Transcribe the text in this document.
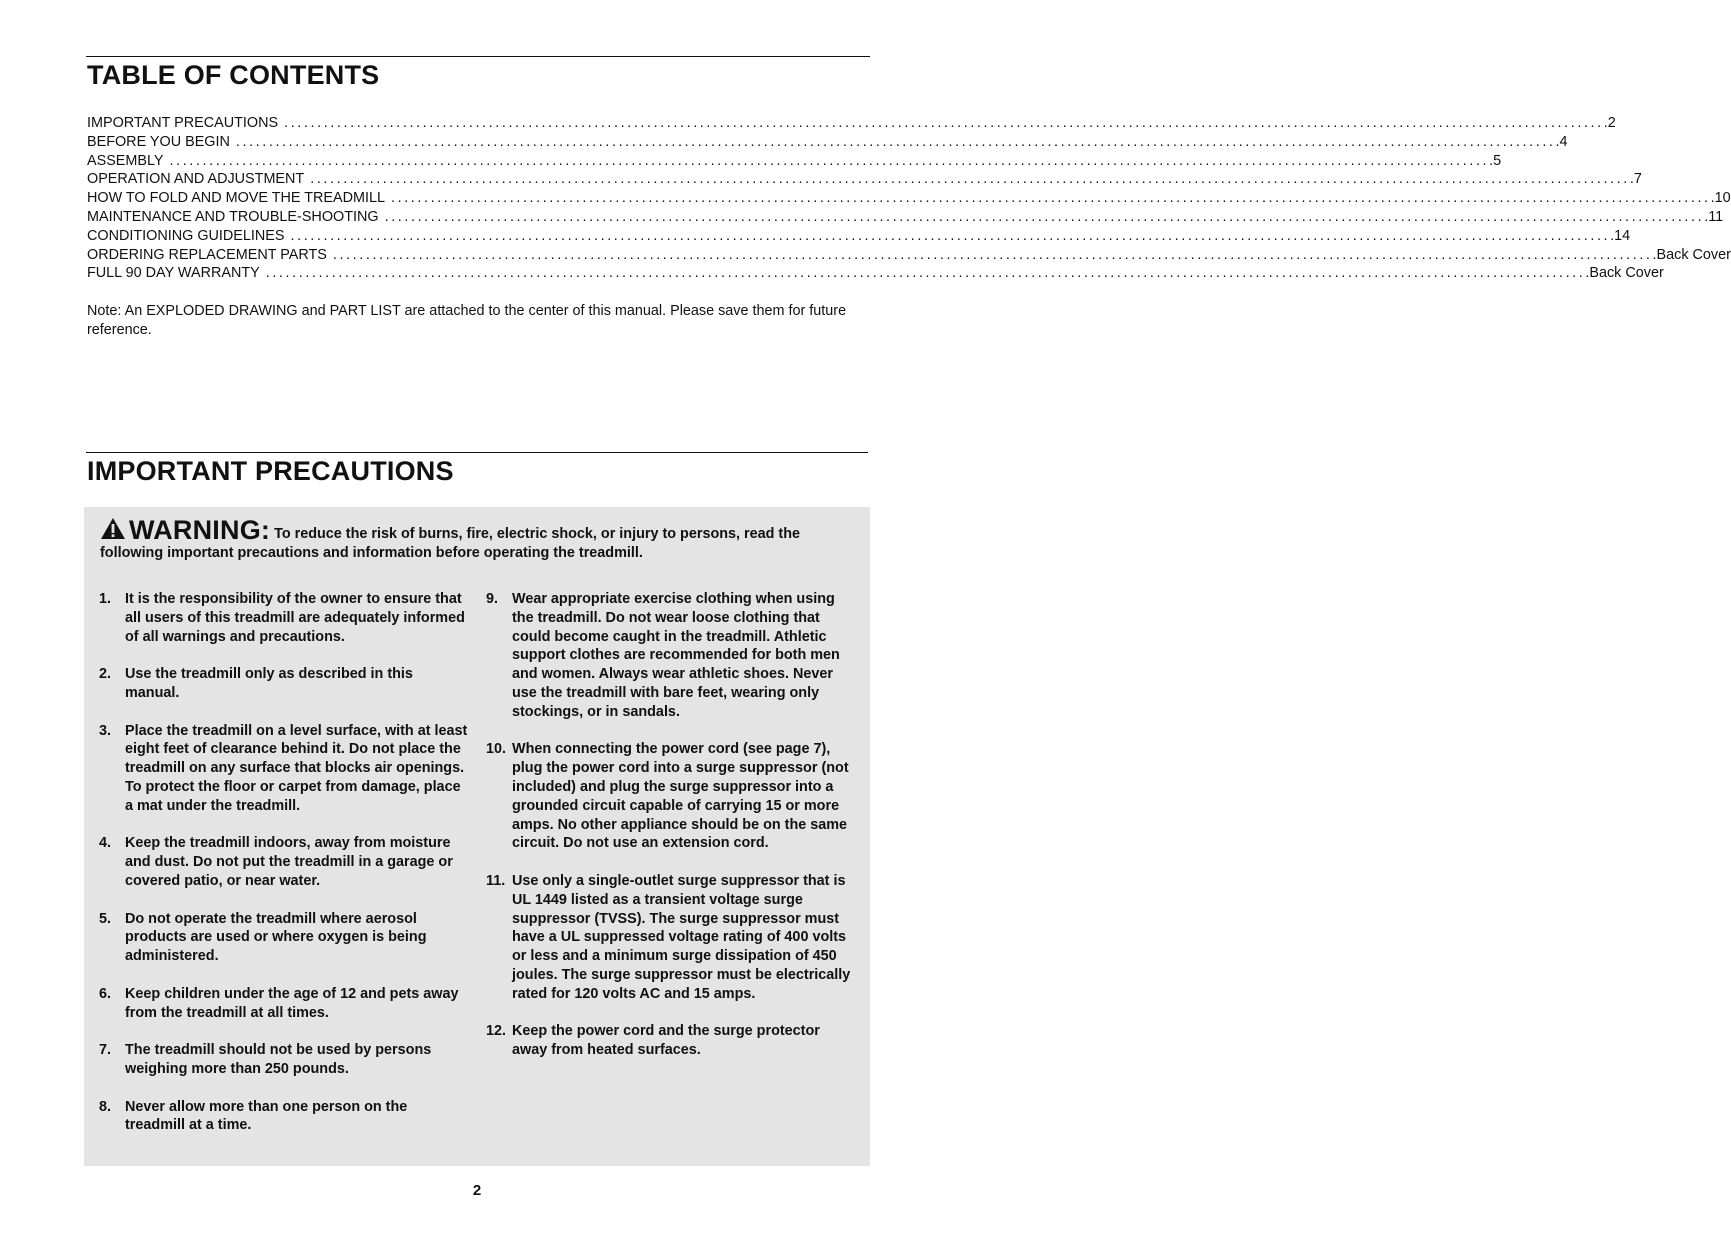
TABLE OF CONTENTS
IMPORTANT PRECAUTIONS ........................................................................................................................................................................................................ .2
BEFORE YOU BEGIN ........................................................................................................................................................................................................ .4
ASSEMBLY ........................................................................................................................................................................................................ .5
OPERATION AND ADJUSTMENT ........................................................................................................................................................................................................ .7
HOW TO FOLD AND MOVE THE TREADMILL ........................................................................................................................................................................................................ .10
MAINTENANCE AND TROUBLE-SHOOTING ........................................................................................................................................................................................................ .11
CONDITIONING GUIDELINES ........................................................................................................................................................................................................ .14
ORDERING REPLACEMENT PARTS ........................................................................................................................................................................................................ .Back Cover
FULL 90 DAY WARRANTY ........................................................................................................................................................................................................ .Back Cover

Note: An EXPLODED DRAWING and PART LIST are attached to the center of this manual. Please save them for future reference.

IMPORTANT PRECAUTIONS

WARNING: To reduce the risk of burns, fire, electric shock, or injury to persons, read the following important precautions and information before operating the treadmill.

1. It is the responsibility of the owner to ensure that all users of this treadmill are adequately informed of all warnings and precautions.
2. Use the treadmill only as described in this manual.
3. Place the treadmill on a level surface, with at least eight feet of clearance behind it. Do not place the treadmill on any surface that blocks air openings. To protect the floor or carpet from damage, place a mat under the treadmill.
4. Keep the treadmill indoors, away from moisture and dust. Do not put the treadmill in a garage or covered patio, or near water.
5. Do not operate the treadmill where aerosol products are used or where oxygen is being administered.
6. Keep children under the age of 12 and pets away from the treadmill at all times.
7. The treadmill should not be used by persons weighing more than 250 pounds.
8. Never allow more than one person on the treadmill at a time.
9. Wear appropriate exercise clothing when using the treadmill. Do not wear loose clothing that could become caught in the treadmill. Athletic support clothes are recommended for both men and women. Always wear athletic shoes. Never use the treadmill with bare feet, wearing only stockings, or in sandals.
10. When connecting the power cord (see page 7), plug the power cord into a surge suppressor (not included) and plug the surge suppressor into a grounded circuit capable of carrying 15 or more amps. No other appliance should be on the same circuit. Do not use an extension cord.
11. Use only a single-outlet surge suppressor that is UL 1449 listed as a transient voltage surge suppressor (TVSS). The surge suppressor must have a UL suppressed voltage rating of 400 volts or less and a minimum surge dissipation of 450 joules. The surge suppressor must be electrically rated for 120 volts AC and 15 amps.
12. Keep the power cord and the surge protector away from heated surfaces.

2
